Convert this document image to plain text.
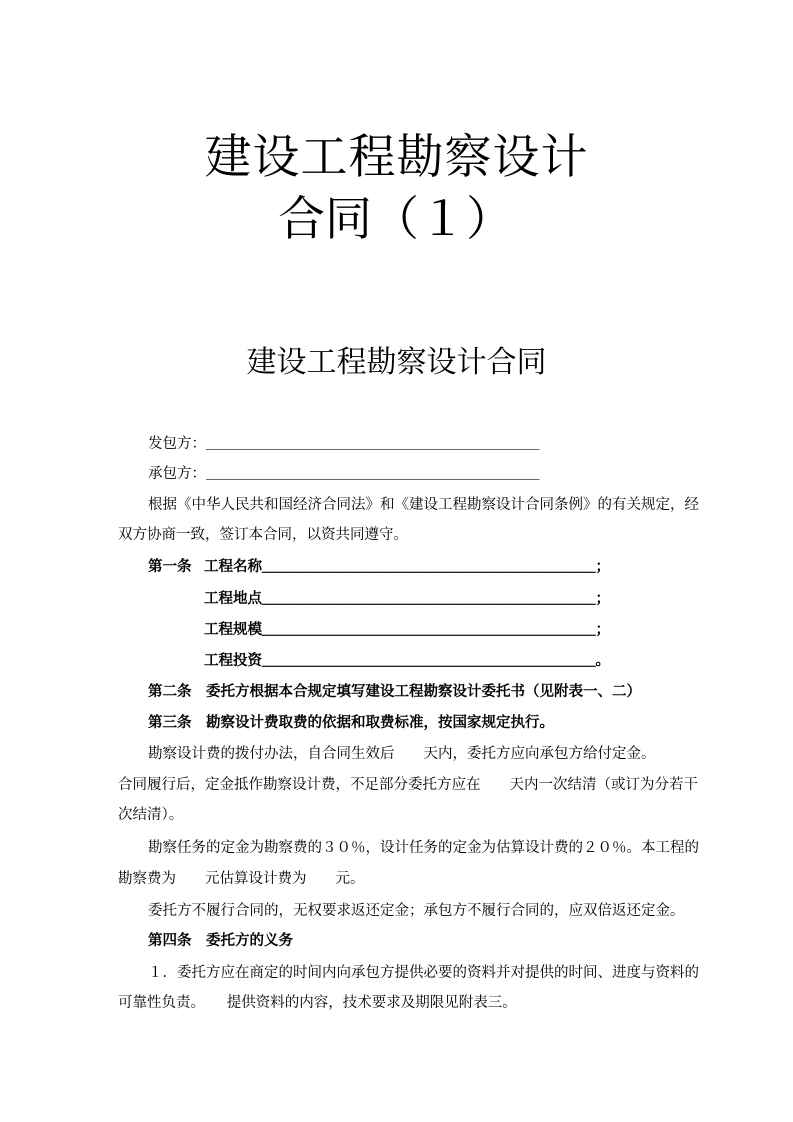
建设工程勘察设计
合同（１）
建设工程勘察设计合同

发包方：＿＿＿＿＿＿＿＿＿＿＿＿＿＿＿＿＿＿＿＿＿＿＿

承包方：＿＿＿＿＿＿＿＿＿＿＿＿＿＿＿＿＿＿＿＿＿＿＿

根据《中华人民共和国经济合同法》和《建设工程勘察设计合同条例》的有关规定，经

双方协商一致，签订本合同，以资共同遵守。

第一条 工程名称＿＿＿＿＿＿＿＿＿＿＿＿＿＿＿＿＿＿＿＿＿＿＿；

工程地点＿＿＿＿＿＿＿＿＿＿＿＿＿＿＿＿＿＿＿＿＿＿＿；

工程规模＿＿＿＿＿＿＿＿＿＿＿＿＿＿＿＿＿＿＿＿＿＿＿；

工程投资＿＿＿＿＿＿＿＿＿＿＿＿＿＿＿＿＿＿＿＿＿＿＿。

第二条　委托方根据本合规定填写建设工程勘察设计委托书（见附表一、二）

第三条　勘察设计费取费的依据和取费标准，按国家规定执行。

勘察设计费的拨付办法，自合同生效后　　天内，委托方应向承包方给付定金。

合同履行后，定金抵作勘察设计费，不足部分委托方应在　　天内一次结清（或订为分若干

次结清）。

勘察任务的定金为勘察费的３０％，设计任务的定金为估算设计费的２０％。本工程的

勘察费为　　元估算设计费为　　元。

委托方不履行合同的，无权要求返还定金；承包方不履行合同的，应双倍返还定金。

第四条　委托方的义务

１．委托方应在商定的时间内向承包方提供必要的资料并对提供的时间、进度与资料的

可靠性负责。　　提供资料的内容，技术要求及期限见附表三。
